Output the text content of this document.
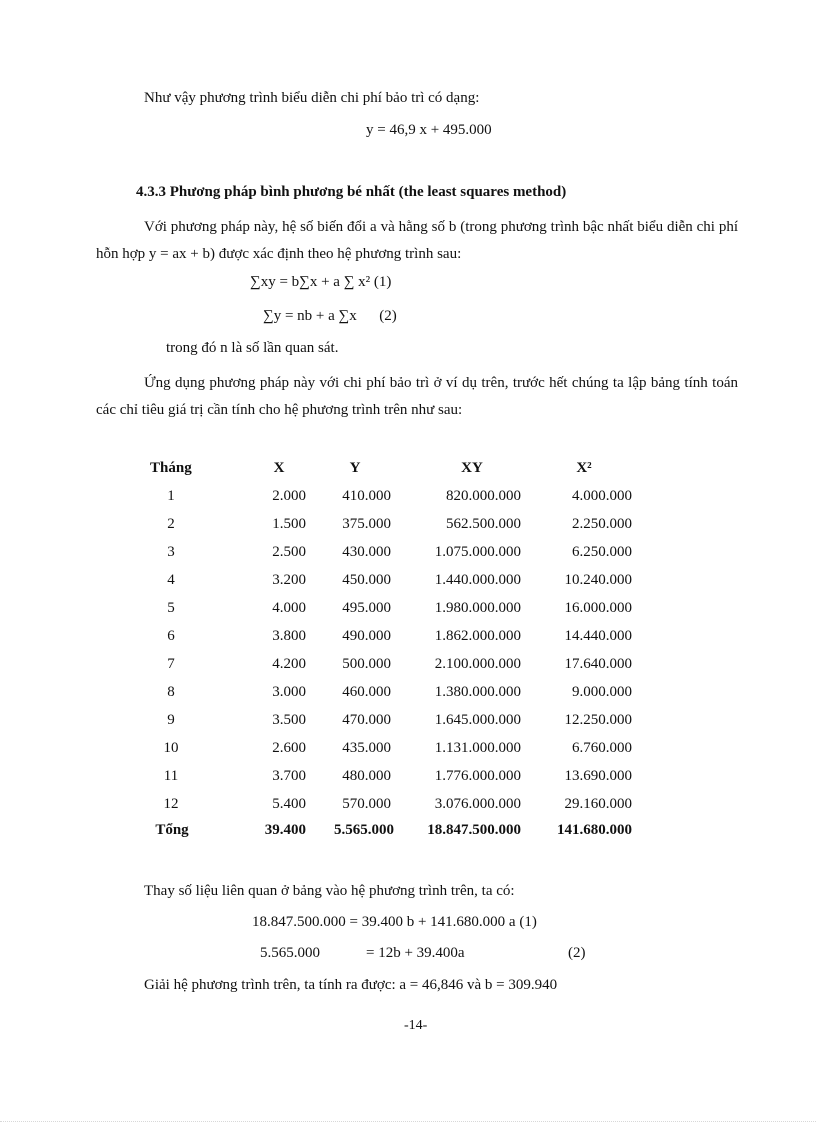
Như vậy phương trình biểu diễn chi phí bảo trì có dạng:
y = 46,9 x + 495.000
4.3.3 Phương pháp bình phương bé nhất (the least squares method)
Với phương pháp này, hệ số biến đổi a và hằng số b (trong phương trình bậc nhất biểu diễn chi phí hỗn hợp y = ax + b) được xác định theo hệ phương trình sau:
∑xy = b∑x + a ∑ x² (1)
∑y = nb + a ∑x      (2)
trong đó n là số lần quan sát.
Ứng dụng phương pháp này với chi phí bảo trì ở ví dụ trên, trước hết chúng ta lập bảng tính toán các chỉ tiêu giá trị cần tính cho hệ phương trình trên như sau:
Tháng	X	Y	XY	X²
1	2.000	410.000	820.000.000	4.000.000
2	1.500	375.000	562.500.000	2.250.000
3	2.500	430.000	1.075.000.000	6.250.000
4	3.200	450.000	1.440.000.000	10.240.000
5	4.000	495.000	1.980.000.000	16.000.000
6	3.800	490.000	1.862.000.000	14.440.000
7	4.200	500.000	2.100.000.000	17.640.000
8	3.000	460.000	1.380.000.000	9.000.000
9	3.500	470.000	1.645.000.000	12.250.000
10	2.600	435.000	1.131.000.000	6.760.000
11	3.700	480.000	1.776.000.000	13.690.000
12	5.400	570.000	3.076.000.000	29.160.000
Tổng	39.400	5.565.000	18.847.500.000	141.680.000
Thay số liệu liên quan ở bảng vào hệ phương trình trên, ta có:
18.847.500.000 = 39.400 b + 141.680.000 a (1)
5.565.000	= 12b + 39.400a	(2)
Giải hệ phương trình trên, ta tính ra được: a = 46,846 và b = 309.940
-14-
